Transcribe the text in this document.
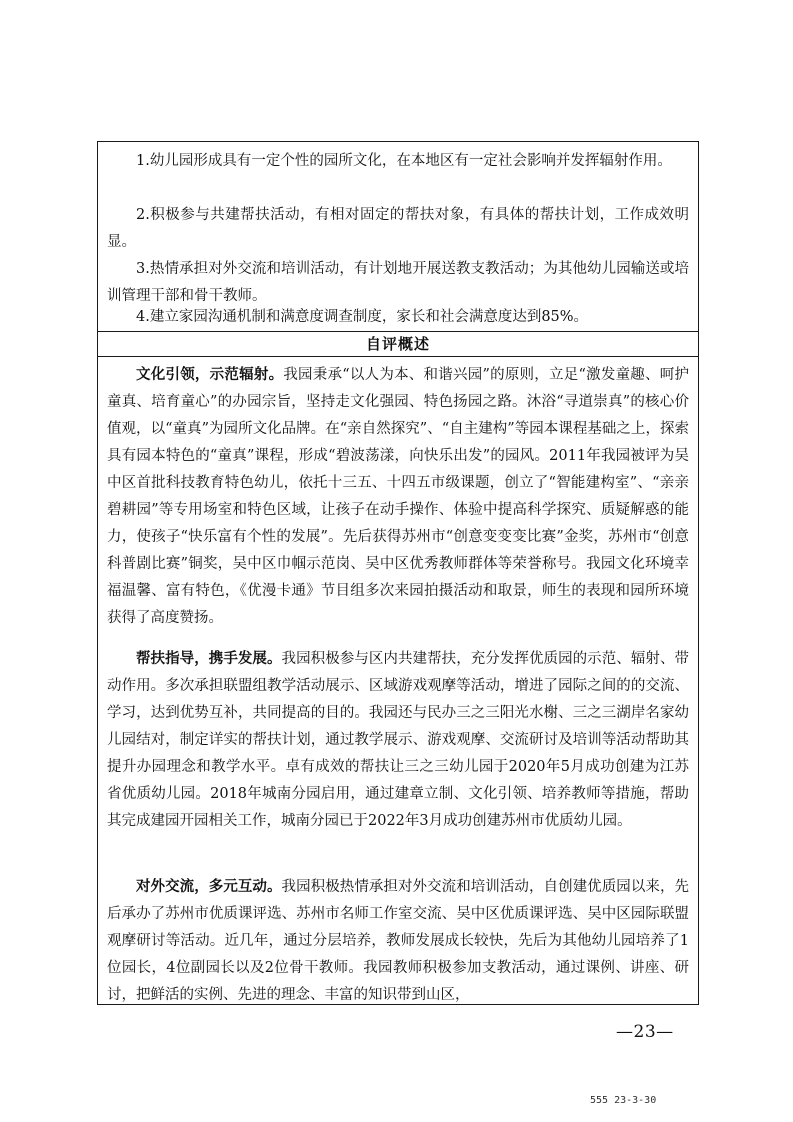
1.幼儿园形成具有一定个性的园所文化，在本地区有一定社会影响并发挥辐射作用。

2.积极参与共建帮扶活动，有相对固定的帮扶对象，有具体的帮扶计划，工作成效明显。

3.热情承担对外交流和培训活动，有计划地开展送教支教活动；为其他幼儿园输送或培训管理干部和骨干教师。

4.建立家园沟通机制和满意度调查制度，家长和社会满意度达到85%。

自评概述

文化引领，示范辐射。我园秉承“以人为本、和谐兴园”的原则，立足“激发童趣、呵护童真、培育童心”的办园宗旨，坚持走文化强园、特色扬园之路。沐浴“寻道崇真”的核心价值观，以“童真”为园所文化品牌。在“亲自然探究”、“自主建构”等园本课程基础之上，探索具有园本特色的“童真”课程，形成“碧波荡漾，向快乐出发”的园风。2011年我园被评为吴中区首批科技教育特色幼儿，依托十三五、十四五市级课题，创立了“智能建构室”、“亲亲碧耕园”等专用场室和特色区域，让孩子在动手操作、体验中提高科学探究、质疑解惑的能力，使孩子“快乐富有个性的发展”。先后获得苏州市“创意变变变比赛”金奖，苏州市“创意科普剧比赛”铜奖，吴中区巾帼示范岗、吴中区优秀教师群体等荣誉称号。我园文化环境幸福温馨、富有特色，《优漫卡通》节目组多次来园拍摄活动和取景，师生的表现和园所环境获得了高度赞扬。

帮扶指导，携手发展。我园积极参与区内共建帮扶，充分发挥优质园的示范、辐射、带动作用。多次承担联盟组教学活动展示、区域游戏观摩等活动，增进了园际之间的的交流、学习，达到优势互补，共同提高的目的。我园还与民办三之三阳光水榭、三之三湖岸名家幼儿园结对，制定详实的帮扶计划，通过教学展示、游戏观摩、交流研讨及培训等活动帮助其提升办园理念和教学水平。卓有成效的帮扶让三之三幼儿园于2020年5月成功创建为江苏省优质幼儿园。2018年城南分园启用，通过建章立制、文化引领、培养教师等措施，帮助其完成建园开园相关工作，城南分园已于2022年3月成功创建苏州市优质幼儿园。

对外交流，多元互动。我园积极热情承担对外交流和培训活动，自创建优质园以来，先后承办了苏州市优质课评选、苏州市名师工作室交流、吴中区优质课评选、吴中区园际联盟观摩研讨等活动。近几年，通过分层培养，教师发展成长较快，先后为其他幼儿园培养了1位园长，4位副园长以及2位骨干教师。我园教师积极参加支教活动，通过课例、讲座、研讨，把鲜活的实例、先进的理念、丰富的知识带到山区，

—23—
555 23-3-30
